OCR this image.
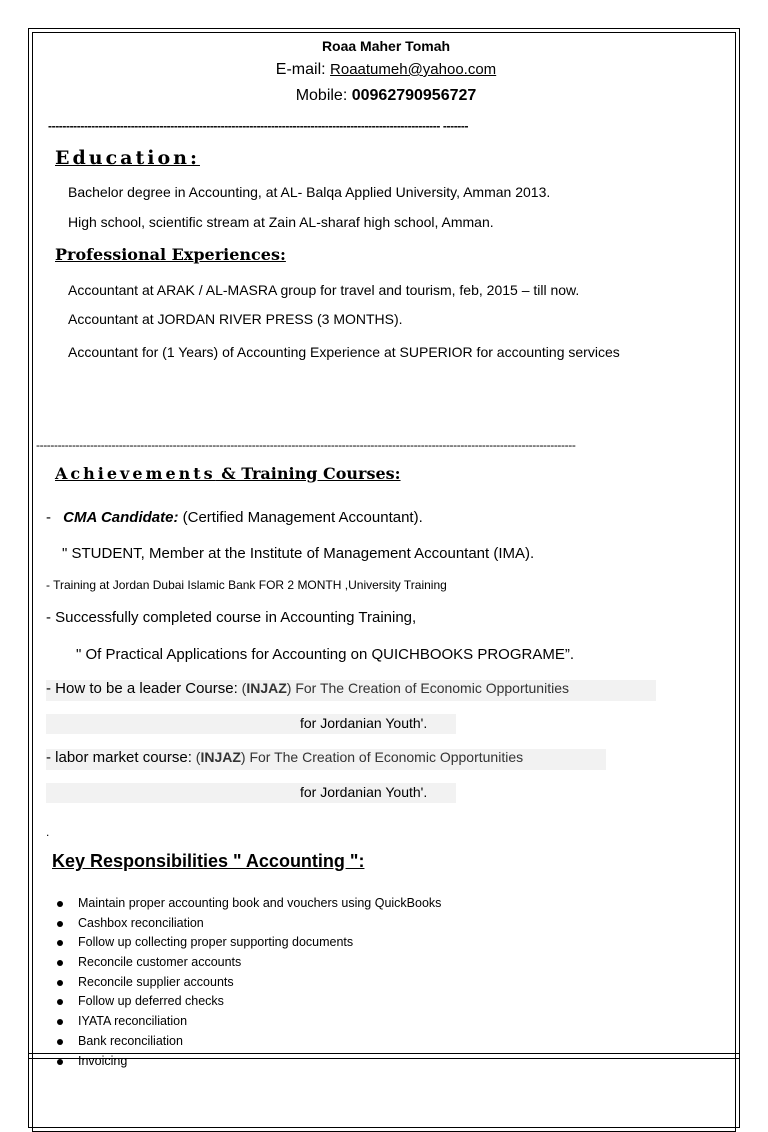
Roaa Maher Tomah
E-mail: Roaatumeh@yahoo.com
Mobile: 00962790956727
------------------------------------------------------------------------------------------------------------- -------
Education:
Bachelor degree in Accounting, at AL- Balqa Applied University, Amman 2013.
High school, scientific stream at Zain AL-sharaf high school, Amman.
Professional Experiences:
Accountant at ARAK / AL-MASRA group for travel and tourism, feb, 2015 – till now.
Accountant at JORDAN RIVER PRESS (3 MONTHS).
Accountant for (1 Years) of Accounting Experience at SUPERIOR for accounting services
------------------------------------------------------------------------------------------------------------------------------------------------------
Achievements & Training Courses:
- CMA Candidate: (Certified Management Accountant).
" STUDENT, Member at the Institute of Management Accountant (IMA).
- Training at Jordan Dubai Islamic Bank FOR 2 MONTH ,University Training
- Successfully completed course in Accounting Training,
" Of Practical Applications for Accounting on QUICHBOOKS PROGRAME”.
- How to be a leader Course: (INJAZ) For The Creation of Economic Opportunities
for Jordanian Youth'.
- labor market course: (INJAZ) For The Creation of Economic Opportunities
for Jordanian Youth'.
.
Key Responsibilities " Accounting ":
Maintain proper accounting book and vouchers using QuickBooks
Cashbox reconciliation
Follow up collecting proper supporting documents
Reconcile customer accounts
Reconcile supplier accounts
Follow up deferred checks
IYATA reconciliation
Bank reconciliation
Invoicing
